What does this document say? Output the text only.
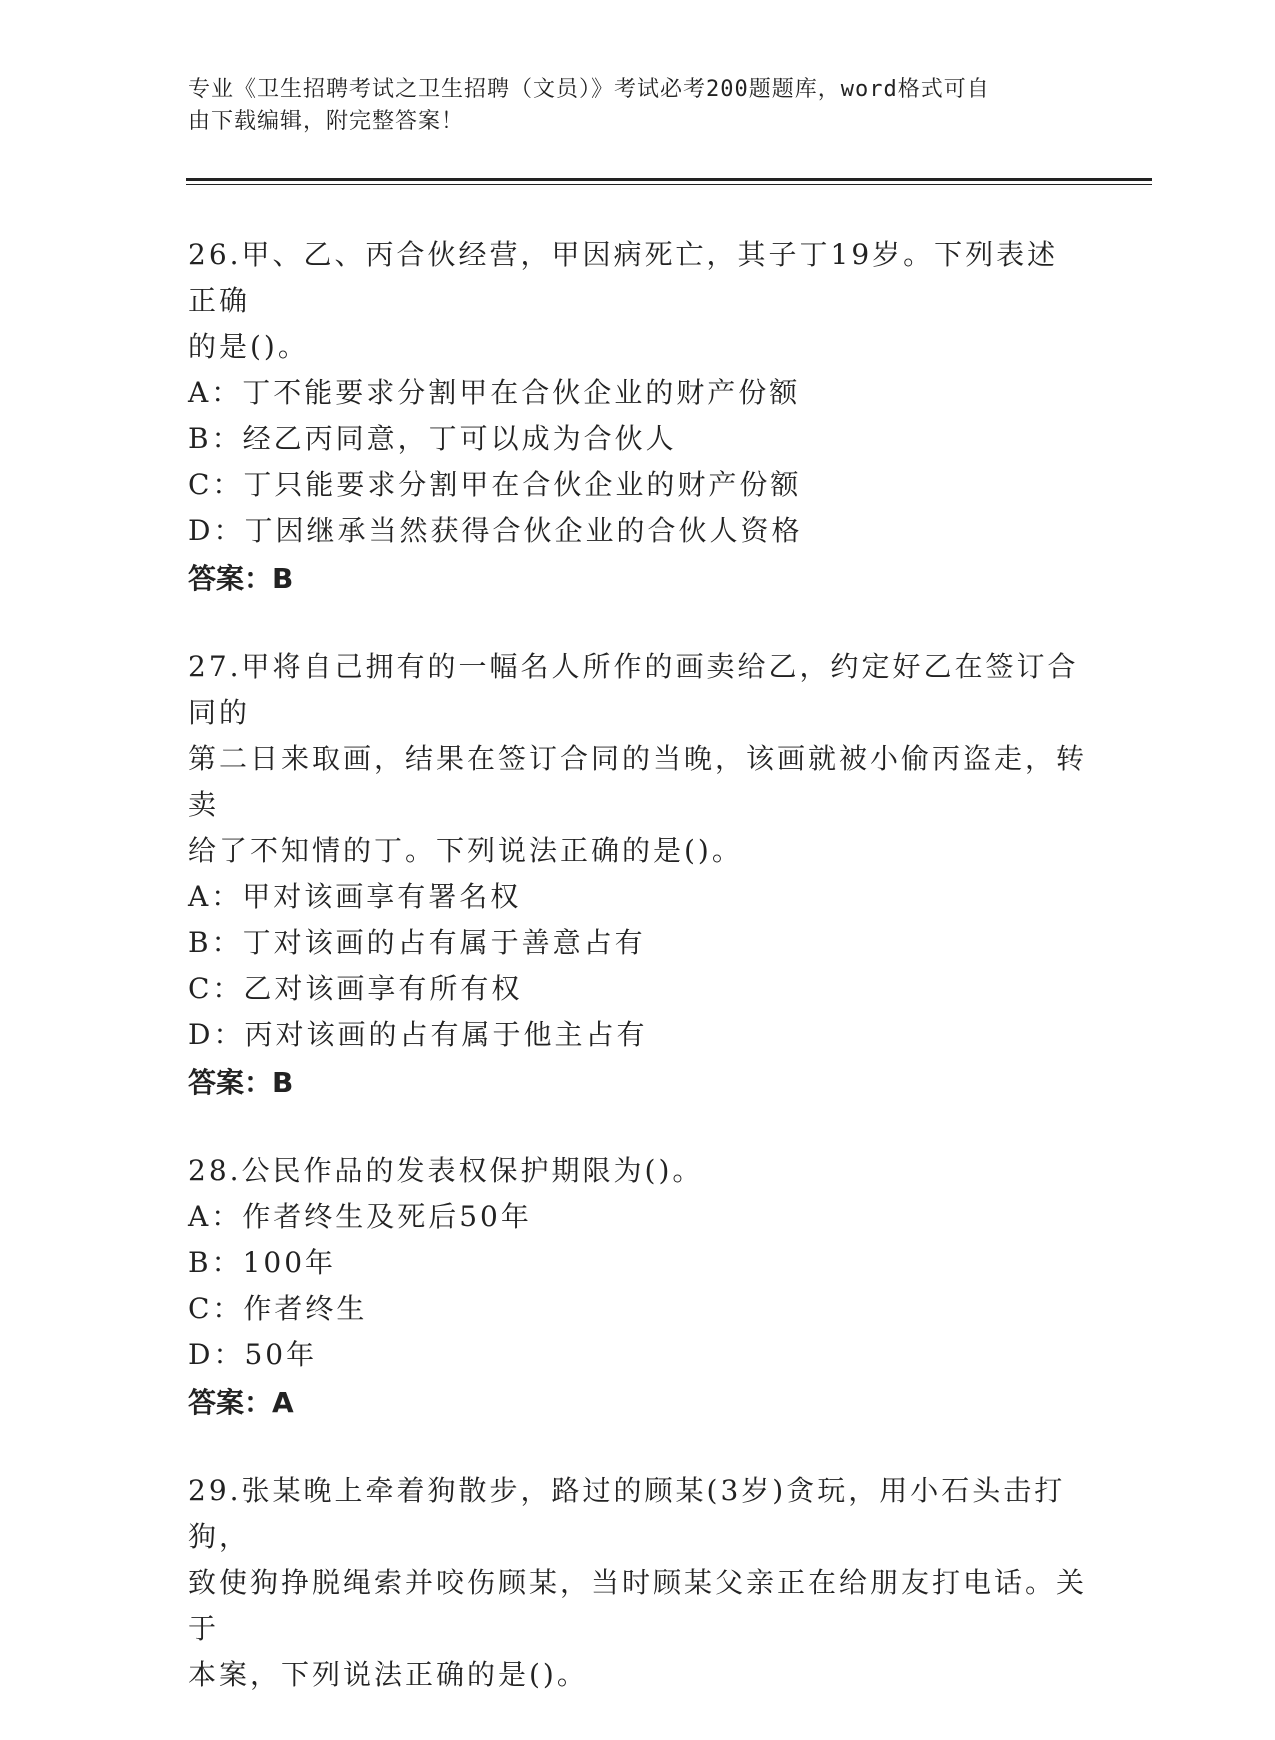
专业《卫生招聘考试之卫生招聘（文员）》考试必考200题题库，word格式可自
由下载编辑，附完整答案！
26.甲、乙、丙合伙经营，甲因病死亡，其子丁19岁。下列表述正确
的是()。
A：丁不能要求分割甲在合伙企业的财产份额
B：经乙丙同意，丁可以成为合伙人
C：丁只能要求分割甲在合伙企业的财产份额
D：丁因继承当然获得合伙企业的合伙人资格
答案：B
27.甲将自己拥有的一幅名人所作的画卖给乙，约定好乙在签订合同的
第二日来取画，结果在签订合同的当晚，该画就被小偷丙盗走，转卖
给了不知情的丁。下列说法正确的是()。
A：甲对该画享有署名权
B：丁对该画的占有属于善意占有
C：乙对该画享有所有权
D：丙对该画的占有属于他主占有
答案：B
28.公民作品的发表权保护期限为()。
A：作者终生及死后50年
B：100年
C：作者终生
D：50年
答案：A
29.张某晚上牵着狗散步，路过的顾某(3岁)贪玩，用小石头击打狗，
致使狗挣脱绳索并咬伤顾某，当时顾某父亲正在给朋友打电话。关于
本案，下列说法正确的是()。
